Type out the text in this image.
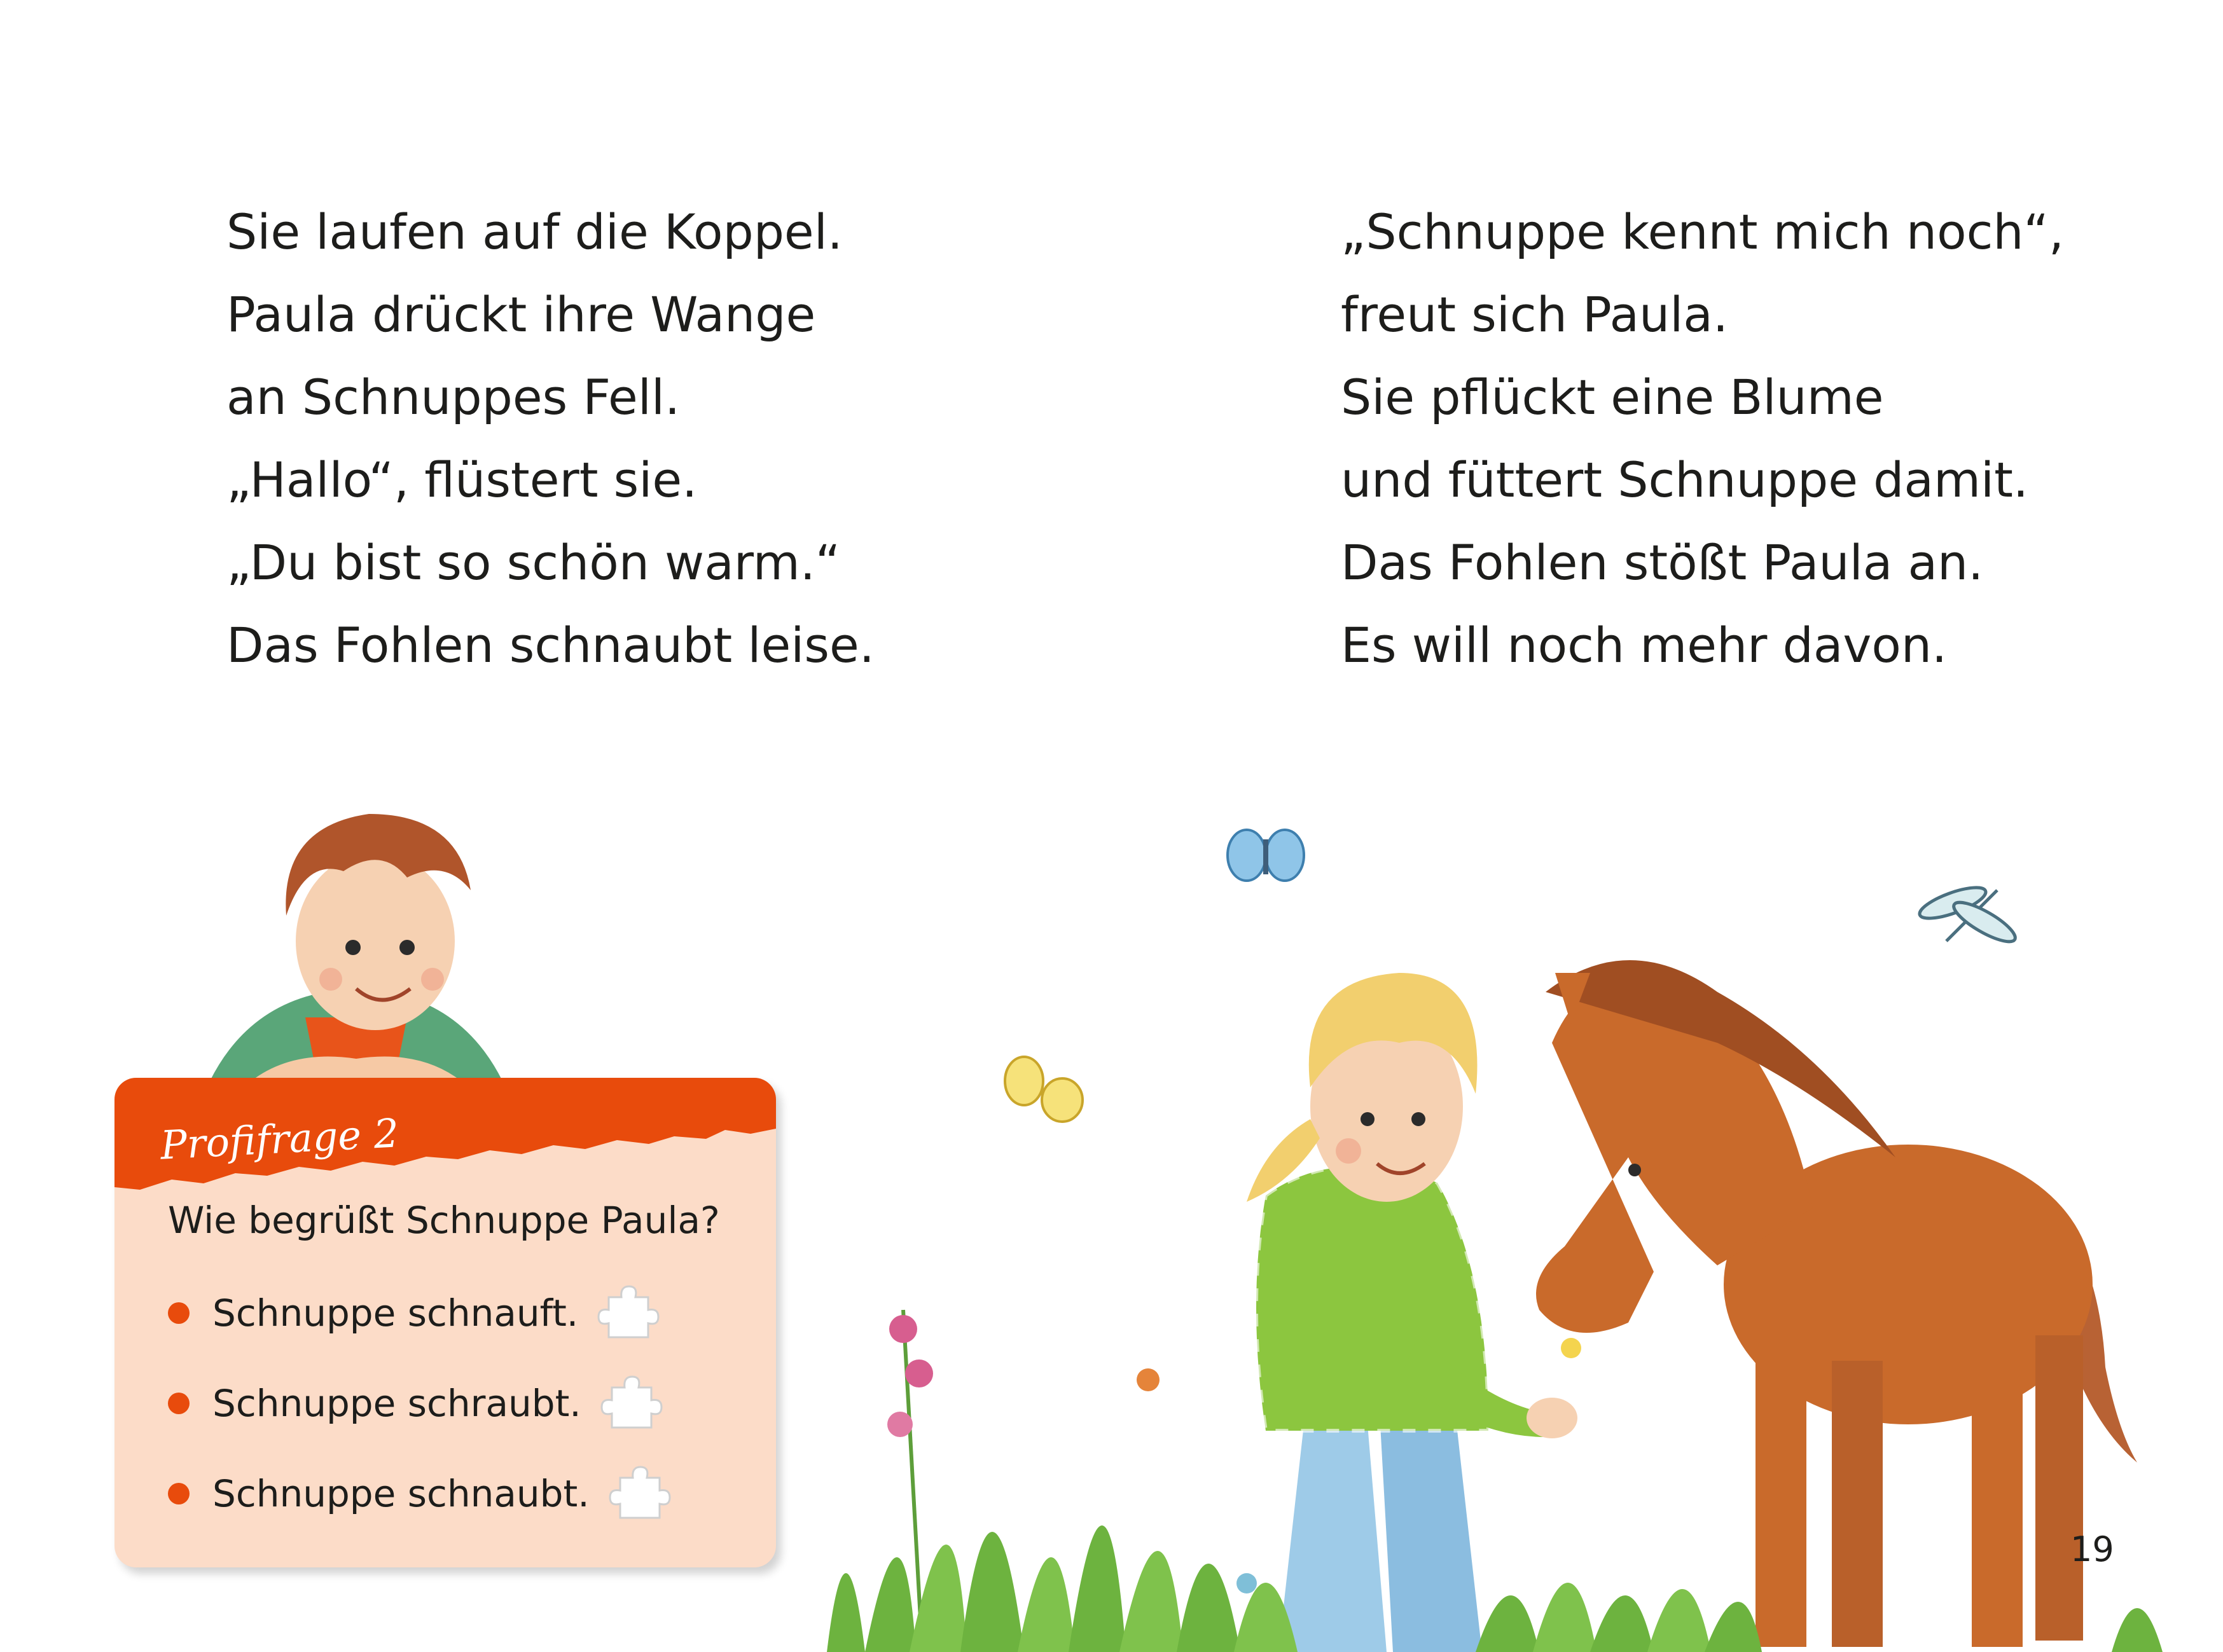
Sie laufen auf die Koppel.
Paula drückt ihre Wange
an Schnuppes Fell.
„Hallo“, flüstert sie.
„Du bist so schön warm.“
Das Fohlen schnaubt leise.
„Schnuppe kennt mich noch“,
freut sich Paula.
Sie pflückt eine Blume
und füttert Schnuppe damit.
Das Fohlen stößt Paula an.
Es will noch mehr davon.
Profifrage 2
Wie begrüßt Schnuppe Paula?
Schnuppe schnauft.
Schnuppe schraubt.
Schnuppe schnaubt.
19
